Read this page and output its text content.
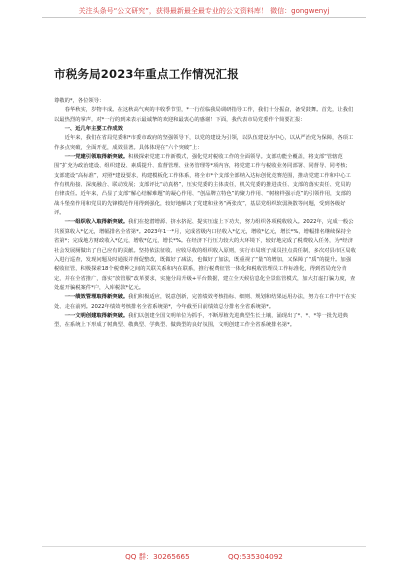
关注头条号“公文研究”，获得最新最全最专业的公文资料库！ 微信：gongwenyj
市税务局2023年重点工作情况汇报

尊敬的*，各位领导：

春华秋实，岁物丰成。在这秋高气爽的丰收季节里，*一行莅临我局调研指导工作，我们十分振奋，备受鼓舞。首先，让我们以最热烈的掌声，对*一行的到来表示最诚挚的欢迎和最衷心的感谢！下面，我代表市局党委作个简要汇报：

一、近几年主要工作成效

近年来，我们在省局党委和*市委市政府的坚强领导下，以党的建设为引领，以队伍建设为中心，以从严治党为保障，各项工作多点突破，全面开花，成效显著。具体体现在“六个突破”上：

一一党建引领取得新突破。积极探索党建工作新模式，强化党对税收工作的全面领导。支部功能全覆盖，将支部“管辖范围”扩充为政治建设、组织建设、素质提升、监督管理、业务管理等*项内容，将党建工作与税收业务同部署、同督导、同考核；支部建设“高标准”，对照*建设要求，构建模板化工作体系，将全市*个支部全部纳入达标创优竞赛范围，推动党建工作和中心工作有机衔接、深度融合、联动发展；支部评比“动真格”，压实党委的主体责任，机关党委的推进责任、支部的落实责任、党员的自律责任。近年来，凸显了支部“解心结解难题”的凝心作用、“创品牌立特色”的聚力作用、“树榜样强示范”的引领作用，支部的战斗堡垒作用和党员的先锋模范作用得到强化，较好地解决了党建和业务“两张皮”，基层党组织软弱涣散等问题，受到各级好评。

一一组织收入取得新突破。我们在挖潜增源、挤水挤泥、提实压虚上下功夫，努力组织各项税收收入。2022年，完成一般公共预算收入*亿元，增幅排名全省第*。2023年1一*月，完成省级内口径收入*亿元，增收*亿元，增长*%，增幅排名继续保持全省第*；完成地方财政收入*亿元，增收*亿元，增长*%。在经济下行压力较大的大环境下，较好地完成了税费收入任务，为*经济社会发展厕做出了自己应有的贡献。坚持依法征收、应收尽收的组织收入原则，实行市局班子成员挂点责任制，多次对县市区局收入进行巡查，发现问题及时通报并督促整改，既做好了减法，也做好了加法，既重视了“量”的增加，又保障了“质”的提升。加强税收征管，积极探索18个税费种之间的关联关系和内在联系，推行税费征管一体化和税收管理员工作标准化，得到省局充分肯定，并在全省推广，落实“放管服”改革要求，实施分局升级+平台数据，建立全天候信息化全景监管模式，加大打虚打骗力度，查处虚开骗税案件*户，入库税款*亿元。

一一绩效管理取得新突破。我们积极适应，锐意创新，完善绩效考核指标、细则、规划和结果运用办法，努力在工作中干在实处、走在前列。2022年绩效考核排名全省系统第*，今年截至目前绩效总分排名全省系统第*。

一一文明创建取得新突破。我们以创建全国文明单位为抓手，不断厚植先进典型生长土壤，涌现出了*、*、*等一批先进典型，在系统上下形成了树典型、敬典型、学典型、做典型的良好氛围，文明创建工作全省系统排名第*。

QQ 群：30265665	QQ:535304092
